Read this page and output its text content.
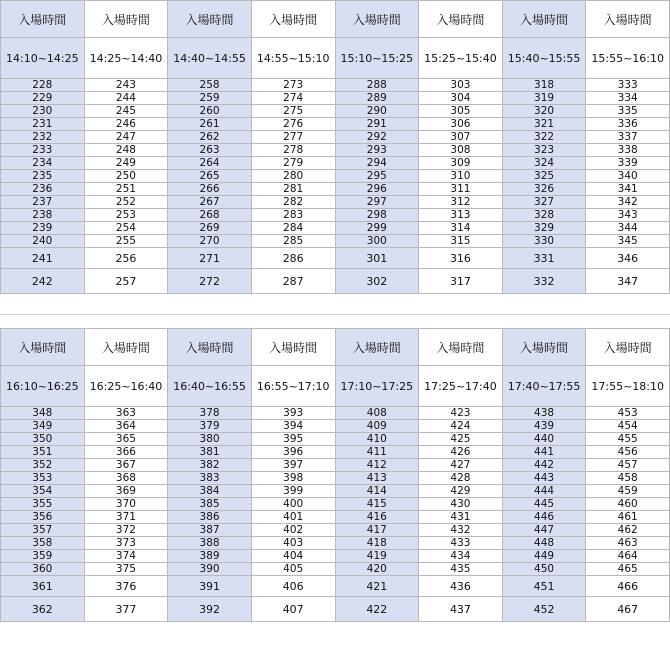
入場時間	入場時間	入場時間	入場時間	入場時間	入場時間	入場時間	入場時間
14:10~14:25	14:25~14:40	14:40~14:55	14:55~15:10	15:10~15:25	15:25~15:40	15:40~15:55	15:55~16:10
228	243	258	273	288	303	318	333
229	244	259	274	289	304	319	334
230	245	260	275	290	305	320	335
231	246	261	276	291	306	321	336
232	247	262	277	292	307	322	337
233	248	263	278	293	308	323	338
234	249	264	279	294	309	324	339
235	250	265	280	295	310	325	340
236	251	266	281	296	311	326	341
237	252	267	282	297	312	327	342
238	253	268	283	298	313	328	343
239	254	269	284	299	314	329	344
240	255	270	285	300	315	330	345
241	256	271	286	301	316	331	346
242	257	272	287	302	317	332	347
入場時間	入場時間	入場時間	入場時間	入場時間	入場時間	入場時間	入場時間
16:10~16:25	16:25~16:40	16:40~16:55	16:55~17:10	17:10~17:25	17:25~17:40	17:40~17:55	17:55~18:10
348	363	378	393	408	423	438	453
349	364	379	394	409	424	439	454
350	365	380	395	410	425	440	455
351	366	381	396	411	426	441	456
352	367	382	397	412	427	442	457
353	368	383	398	413	428	443	458
354	369	384	399	414	429	444	459
355	370	385	400	415	430	445	460
356	371	386	401	416	431	446	461
357	372	387	402	417	432	447	462
358	373	388	403	418	433	448	463
359	374	389	404	419	434	449	464
360	375	390	405	420	435	450	465
361	376	391	406	421	436	451	466
362	377	392	407	422	437	452	467
